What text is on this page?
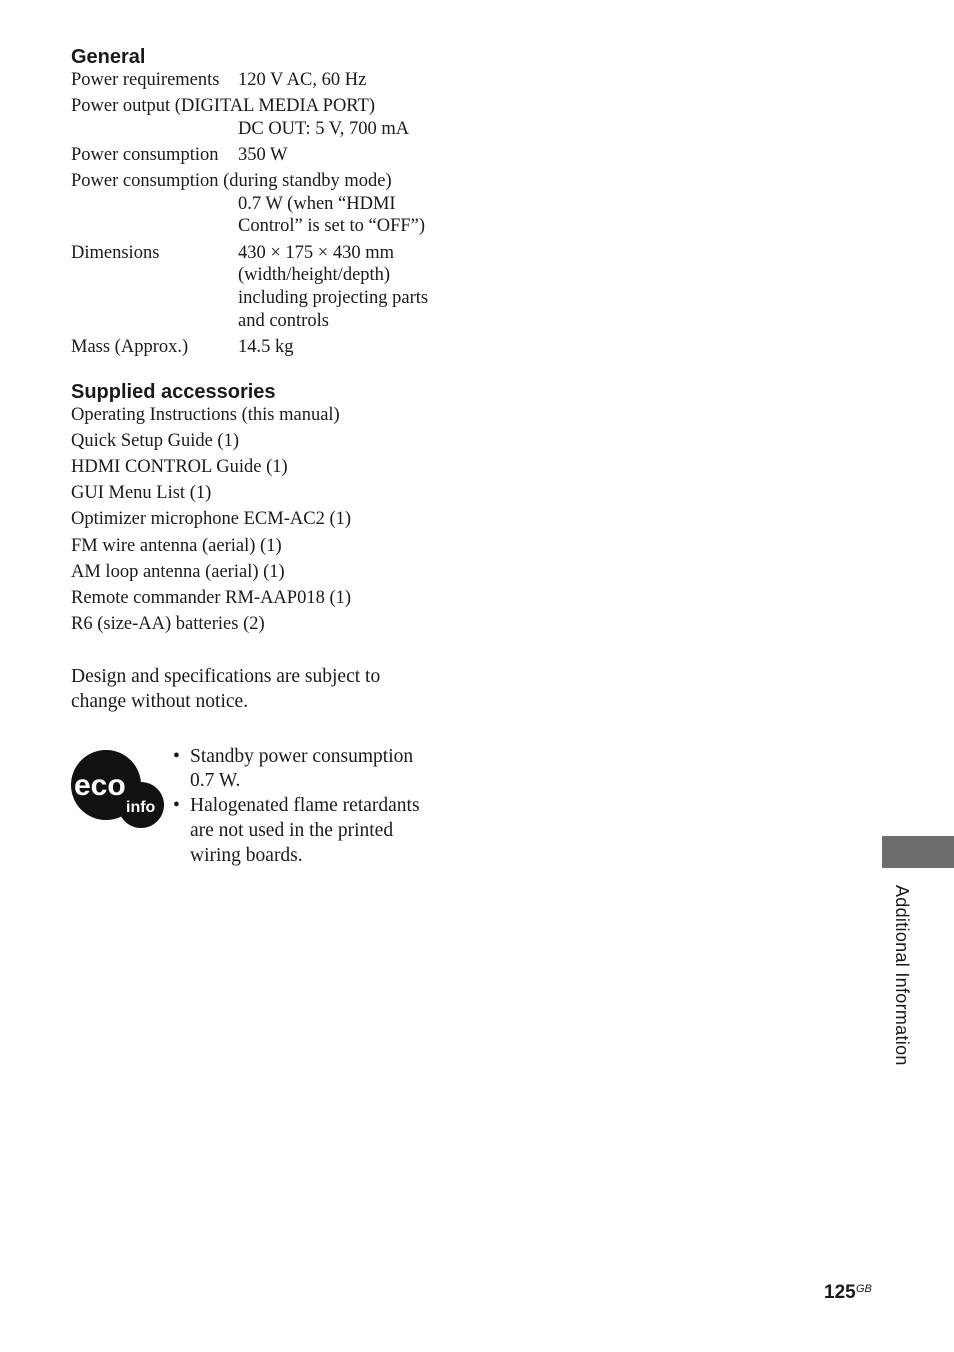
General
Power requirements 120 V AC, 60 Hz
Power output (DIGITAL MEDIA PORT)
DC OUT: 5 V, 700 mA
Power consumption 350 W
Power consumption (during standby mode)
0.7 W (when “HDMI
Control” is set to “OFF”)
Dimensions	430 × 175 × 430 mm
(width/height/depth)
including projecting parts
and controls
Mass (Approx.)	14.5 kg
Supplied accessories
Operating Instructions (this manual)
Quick Setup Guide (1)
HDMI CONTROL Guide (1)
GUI Menu List (1)
Optimizer microphone ECM-AC2 (1)
FM wire antenna (aerial) (1)
AM loop antenna (aerial) (1)
Remote commander RM-AAP018 (1)
R6 (size-AA) batteries (2)
Design and specifications are subject to
change without notice.
eco
info
• Standby power consumption
0.7 W.
• Halogenated flame retardants
are not used in the printed
wiring boards.
Additional Information
125 GB
